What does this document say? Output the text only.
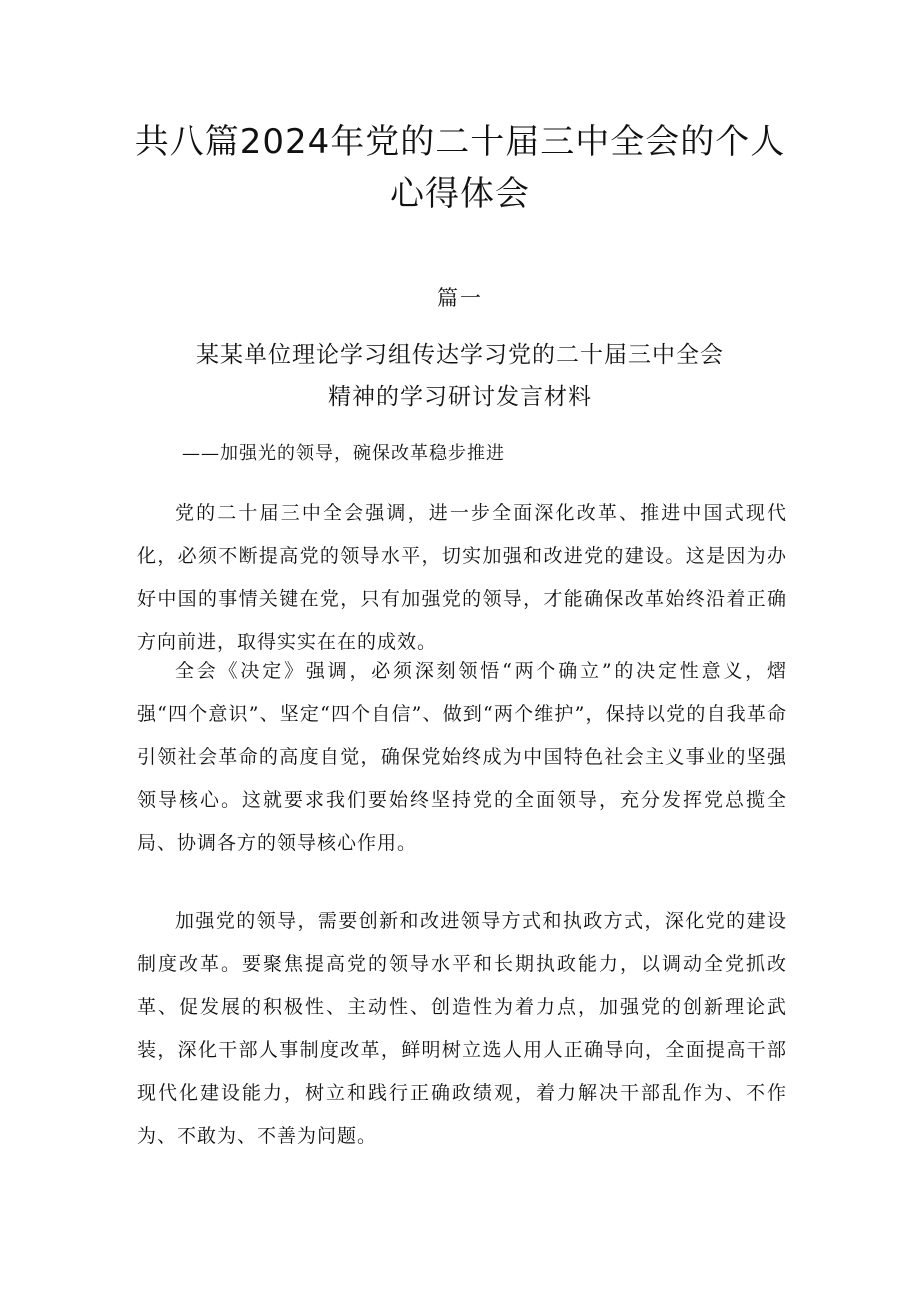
共八篇2024年党的二十届三中全会的个人
心得体会
篇一
某某单位理论学习组传达学习党的二十届三中全会
精神的学习研讨发言材料
——加强光的领导，碗保改革稳步推进

党的二十届三中全会强调，进一步全面深化改革、推进中国式现代化，必须不断提高党的领导水平，切实加强和改进党的建设。这是因为办好中国的事情关键在党，只有加强党的领导，才能确保改革始终沿着正确方向前进，取得实实在在的成效。

全会《决定》强调，必须深刻领悟“两个确立”的决定性意义，熠强“四个意识”、坚定“四个自信”、做到“两个维护”，保持以党的自我革命引领社会革命的高度自觉，确保党始终成为中国特色社会主义事业的坚强领导核心。这就要求我们要始终坚持党的全面领导，充分发挥党总揽全局、协调各方的领导核心作用。

加强党的领导，需要创新和改进领导方式和执政方式，深化党的建设制度改革。要聚焦提高党的领导水平和长期执政能力，以调动全党抓改革、促发展的积极性、主动性、创造性为着力点，加强党的创新理论武装，深化干部人事制度改革，鲜明树立选人用人正确导向，全面提高干部现代化建设能力，树立和践行正确政绩观，着力解决干部乱作为、不作为、不敢为、不善为问题。
